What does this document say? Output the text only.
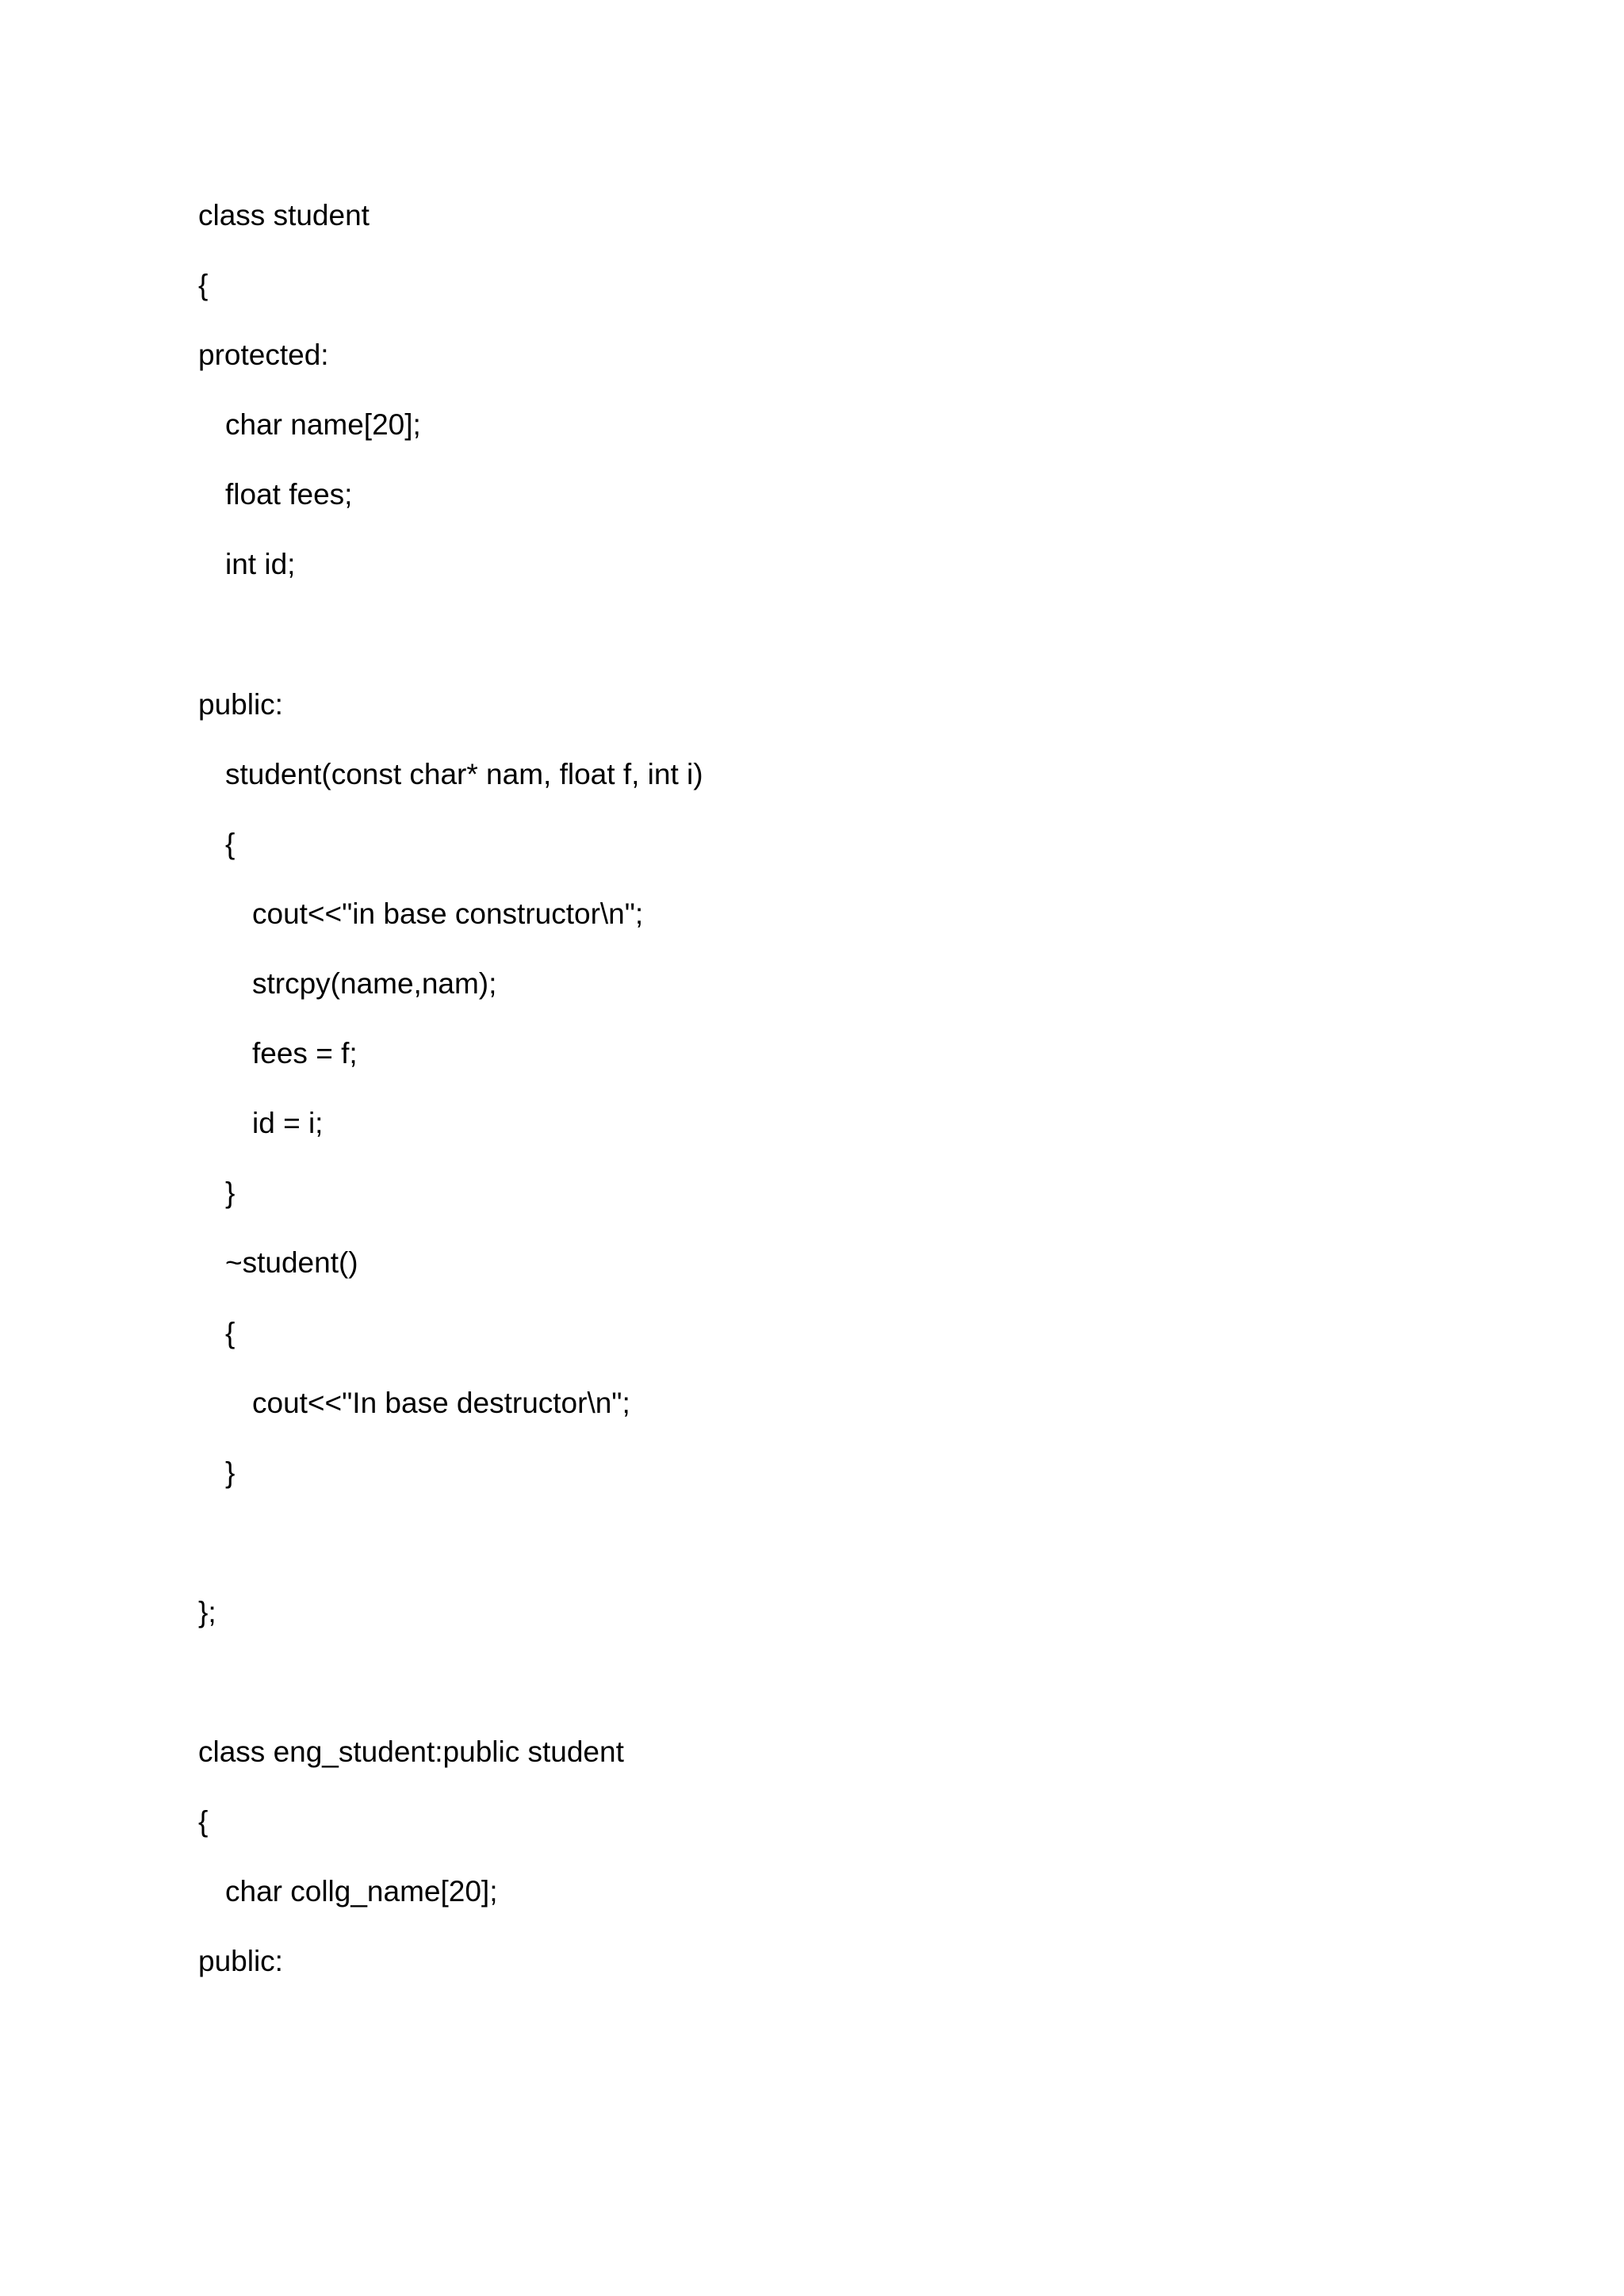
class student
{
protected:
char name[20];
float fees;
int id;
public:
student(const char* nam, float f, int i)
{
cout<<"in base constructor\n";
strcpy(name,nam);
fees = f;
id = i;
}
~student()
{
cout<<"In base destructor\n";
}
};
class eng_student:public student
{
char collg_name[20];
public:
